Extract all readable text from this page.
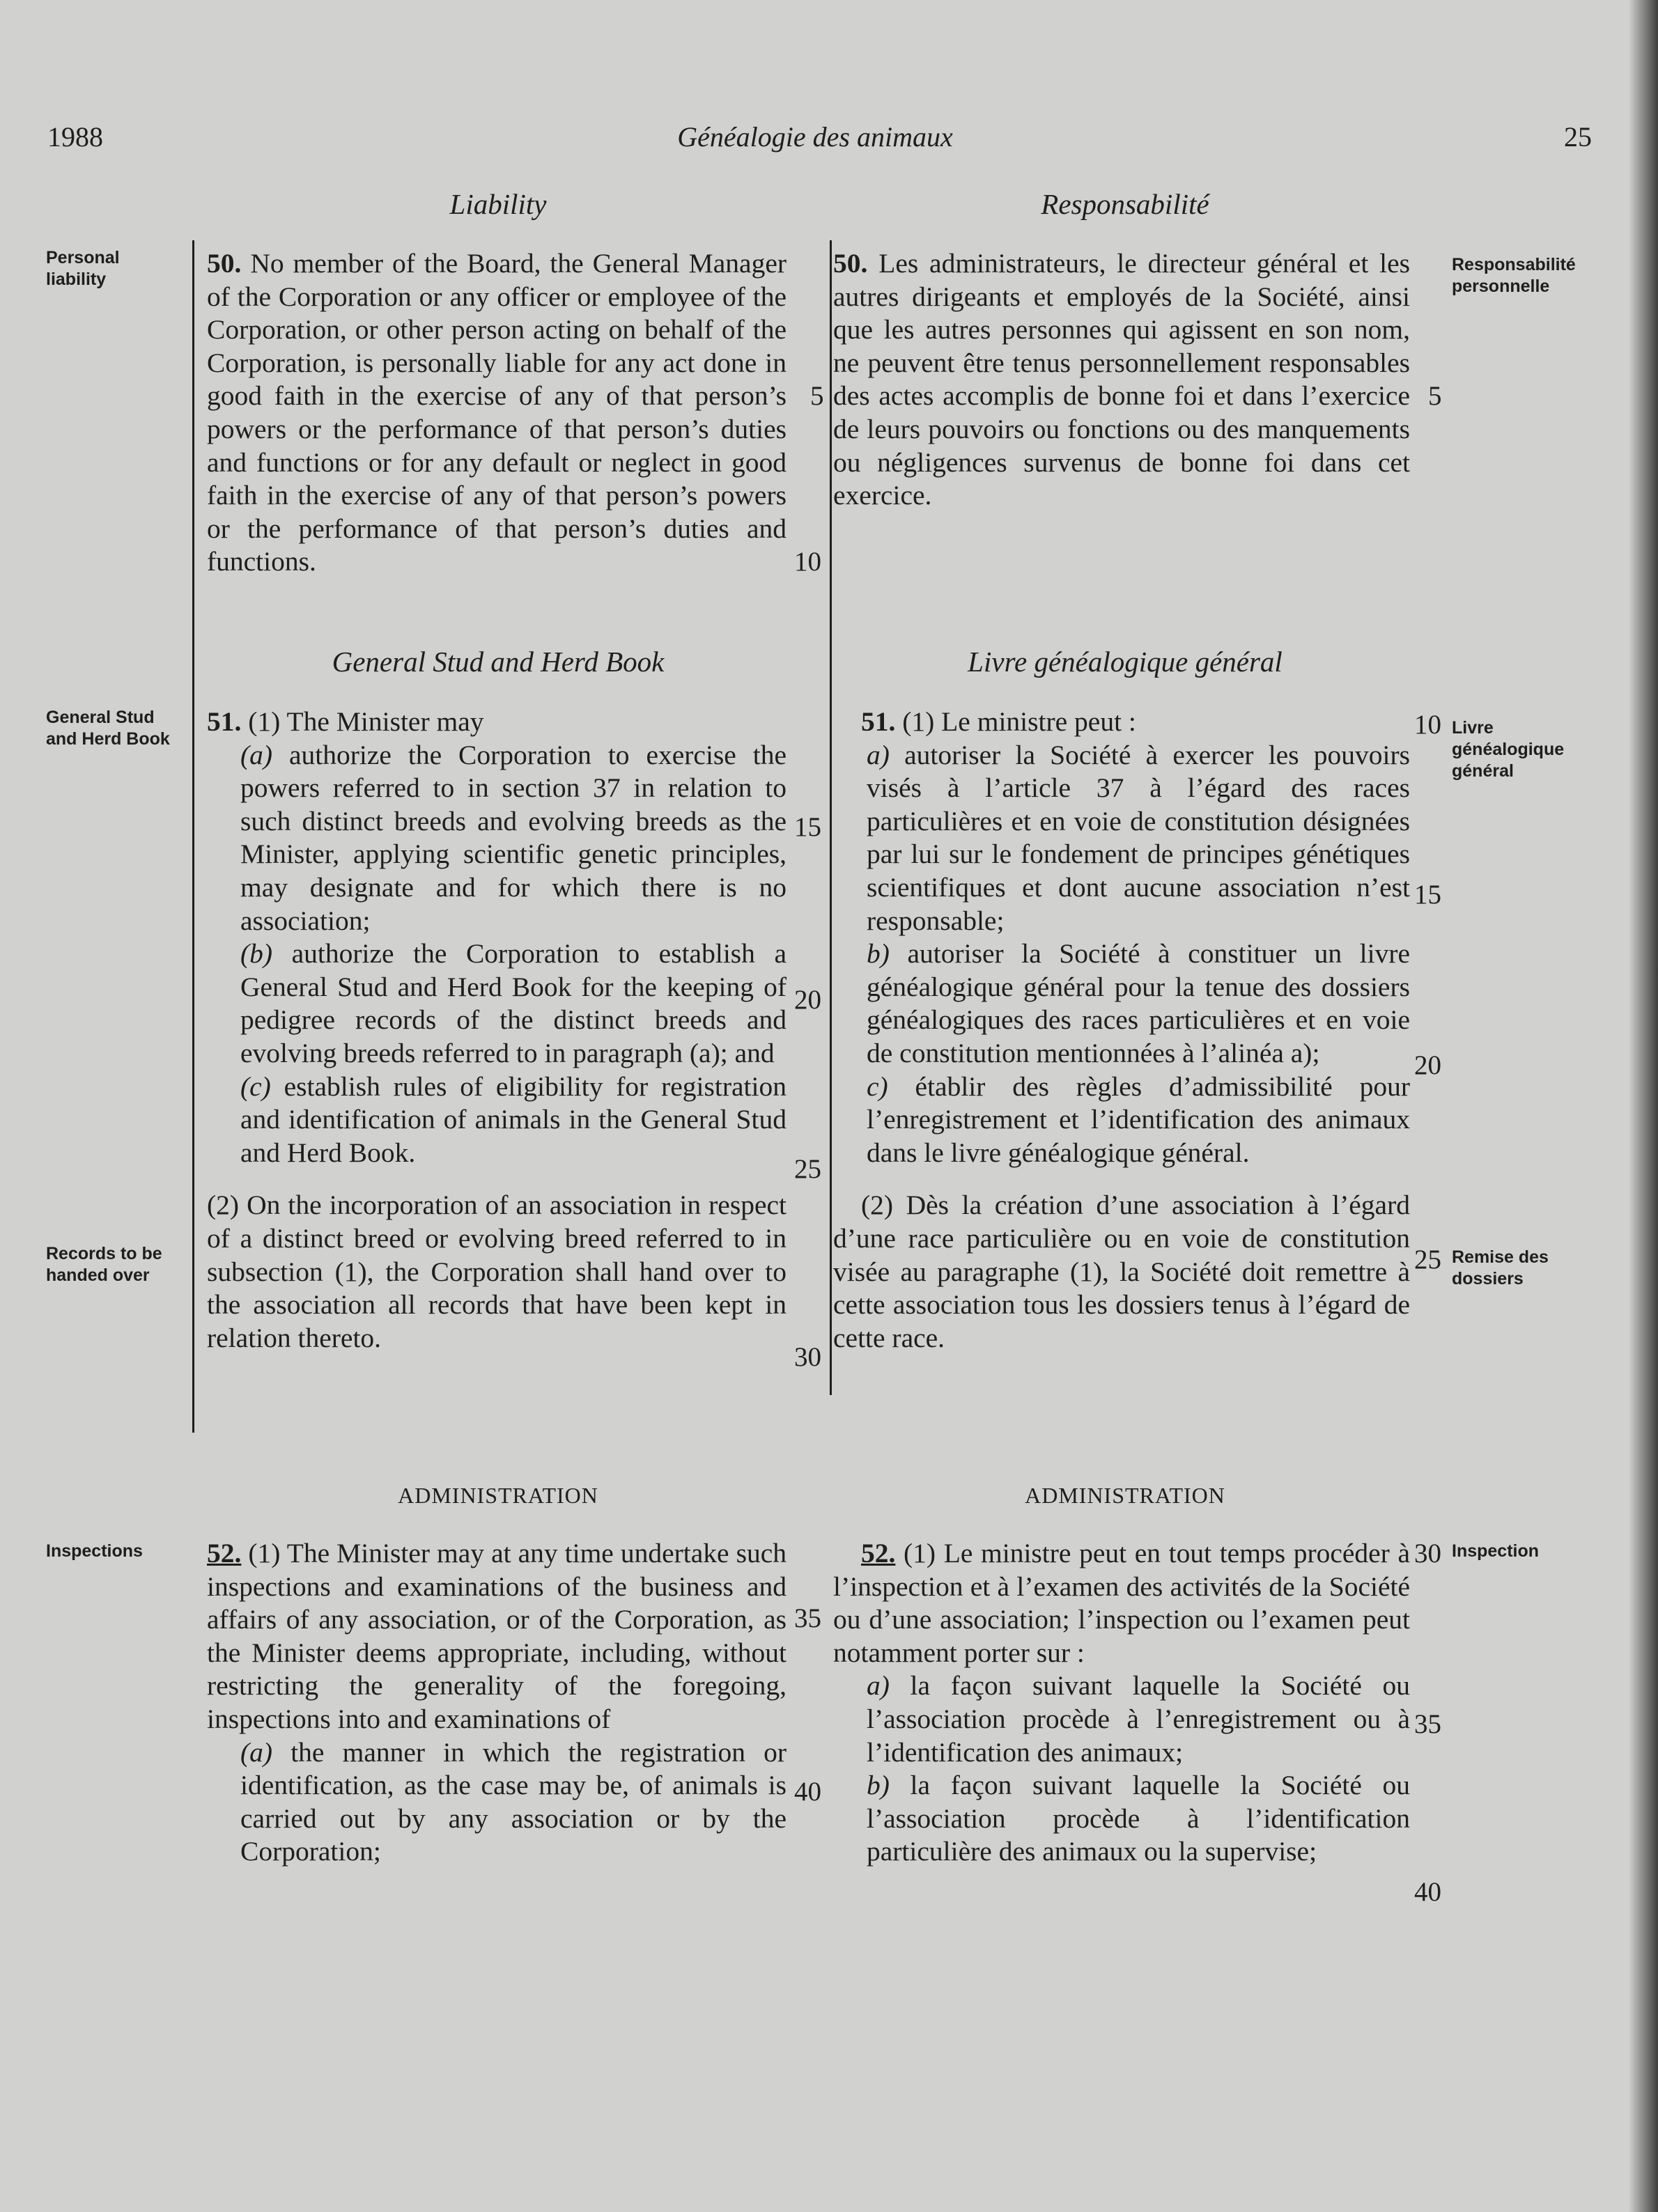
1988	Généalogie des animaux	25
Personal liability
General Stud and Herd Book
Records to be handed over
Inspections
Responsabilité personnelle
Livre généalogique général
Remise des dossiers
Inspection
Liability	Responsabilité
General Stud and Herd Book	Livre généalogique général
ADMINISTRATION	ADMINISTRATION

50. No member of the Board, the General Manager of the Corporation or any officer or employee of the Corporation, or other person acting on behalf of the Corporation, is personally liable for any act done in good faith in the exercise of any of that person’s powers or the performance of that person’s duties and functions or for any default or neglect in good faith in the exercise of any of that person’s powers or the performance of that person’s duties and functions.

51. (1) The Minister may

(a) authorize the Corporation to exercise the powers referred to in section 37 in relation to such distinct breeds and evolving breeds as the Minister, applying scientific genetic principles, may designate and for which there is no association;

(b) authorize the Corporation to establish a General Stud and Herd Book for the keeping of pedigree records of the distinct breeds and evolving breeds referred to in paragraph (a); and

(c) establish rules of eligibility for registration and identification of animals in the General Stud and Herd Book.

(2) On the incorporation of an association in respect of a distinct breed or evolving breed referred to in subsection (1), the Corporation shall hand over to the association all records that have been kept in relation thereto.

52. (1) The Minister may at any time undertake such inspections and examinations of the business and affairs of any association, or of the Corporation, as the Minister deems appropriate, including, without restricting the generality of the foregoing, inspections into and examinations of

(a) the manner in which the registration or identification, as the case may be, of animals is carried out by any association or by the Corporation;

50. Les administrateurs, le directeur général et les autres dirigeants et employés de la Société, ainsi que les autres personnes qui agissent en son nom, ne peuvent être tenus personnellement responsables des actes accomplis de bonne foi et dans l’exercice de leurs pouvoirs ou fonctions ou des manquements ou négligences survenus de bonne foi dans cet exercice.

51. (1) Le ministre peut :

a) autoriser la Société à exercer les pouvoirs visés à l’article 37 à l’égard des races particulières et en voie de constitution désignées par lui sur le fondement de principes génétiques scientifiques et dont aucune association n’est responsable;

b) autoriser la Société à constituer un livre généalogique général pour la tenue des dossiers généalogiques des races particulières et en voie de constitution mentionnées à l’alinéa a);

c) établir des règles d’admissibilité pour l’enregistrement et l’identification des animaux dans le livre généalogique général.

(2) Dès la création d’une association à l’égard d’une race particulière ou en voie de constitution visée au paragraphe (1), la Société doit remettre à cette association tous les dossiers tenus à l’égard de cette race.

52. (1) Le ministre peut en tout temps procéder à l’inspection et à l’examen des activités de la Société ou d’une association; l’inspection ou l’examen peut notamment porter sur :

a) la façon suivant laquelle la Société ou l’association procède à l’enregistrement ou à l’identification des animaux;

b) la façon suivant laquelle la Société ou l’association procède à l’identification particulière des animaux ou la supervise;

5
10
15
20
25
30
35
40
5
10
15
20
25
30
35
40
